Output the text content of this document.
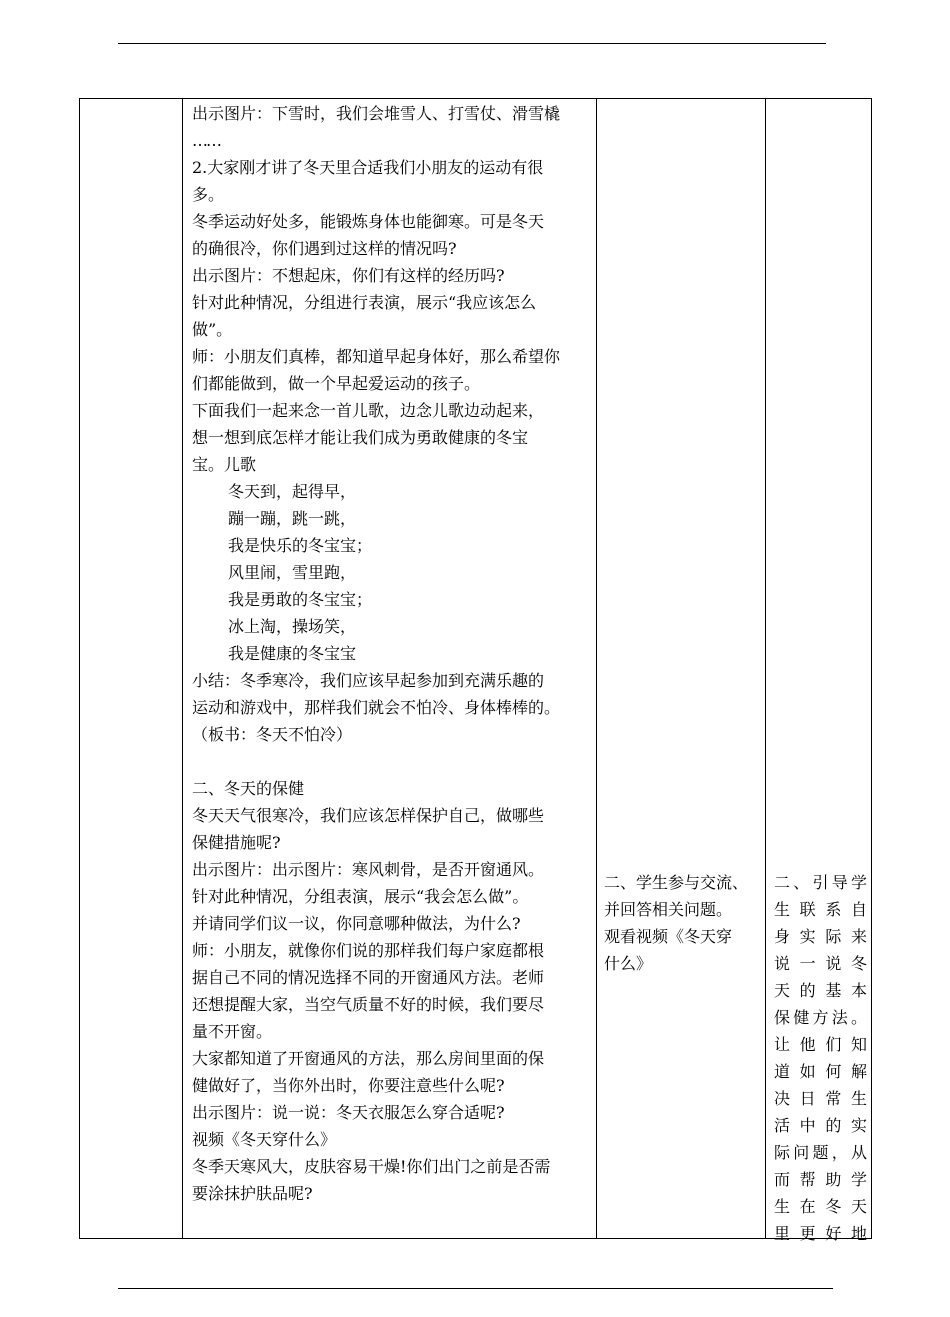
出示图片：下雪时，我们会堆雪人、打雪仗、滑雪橇

……

2.大家刚才讲了冬天里合适我们小朋友的运动有很

多。

冬季运动好处多，能锻炼身体也能御寒。可是冬天

的确很冷，你们遇到过这样的情况吗?

出示图片：不想起床，你们有这样的经历吗?

针对此种情况，分组进行表演，展示“我应该怎么

做”。

师：小朋友们真棒，都知道早起身体好，那么希望你

们都能做到，做一个早起爱运动的孩子。

下面我们一起来念一首儿歌，边念儿歌边动起来，

想一想到底怎样才能让我们成为勇敢健康的冬宝

宝。儿歌

冬天到，起得早，

蹦一蹦，跳一跳，

我是快乐的冬宝宝；

风里闹，雪里跑，

我是勇敢的冬宝宝；

冰上淘，操场笑，

我是健康的冬宝宝

小结：冬季寒冷，我们应该早起参加到充满乐趣的

运动和游戏中，那样我们就会不怕冷、身体棒棒的。

（板书：冬天不怕冷）

二、冬天的保健

冬天天气很寒冷，我们应该怎样保护自己，做哪些

保健措施呢?

出示图片：出示图片：寒风刺骨，是否开窗通风。

针对此种情况，分组表演，展示“我会怎么做”。

并请同学们议一议，你同意哪种做法，为什么?

师：小朋友，就像你们说的那样我们每户家庭都根

据自己不同的情况选择不同的开窗通风方法。老师

还想提醒大家，当空气质量不好的时候，我们要尽

量不开窗。

大家都知道了开窗通风的方法，那么房间里面的保

健做好了，当你外出时，你要注意些什么呢?

出示图片：说一说：冬天衣服怎么穿合适呢?

视频《冬天穿什么》

冬季天寒风大，皮肤容易干燥!你们出门之前是否需

要涂抹护肤品呢?

二、学生参与交流、

并回答相关问题。

观看视频《冬天穿

什么》

二、引导学

生联系自

身实际来

说一说冬

天的基本

保健方法。

让他们知

道如何解

决日常生

活中的实

际问题，从

而帮助学

生在冬天

里更好地
